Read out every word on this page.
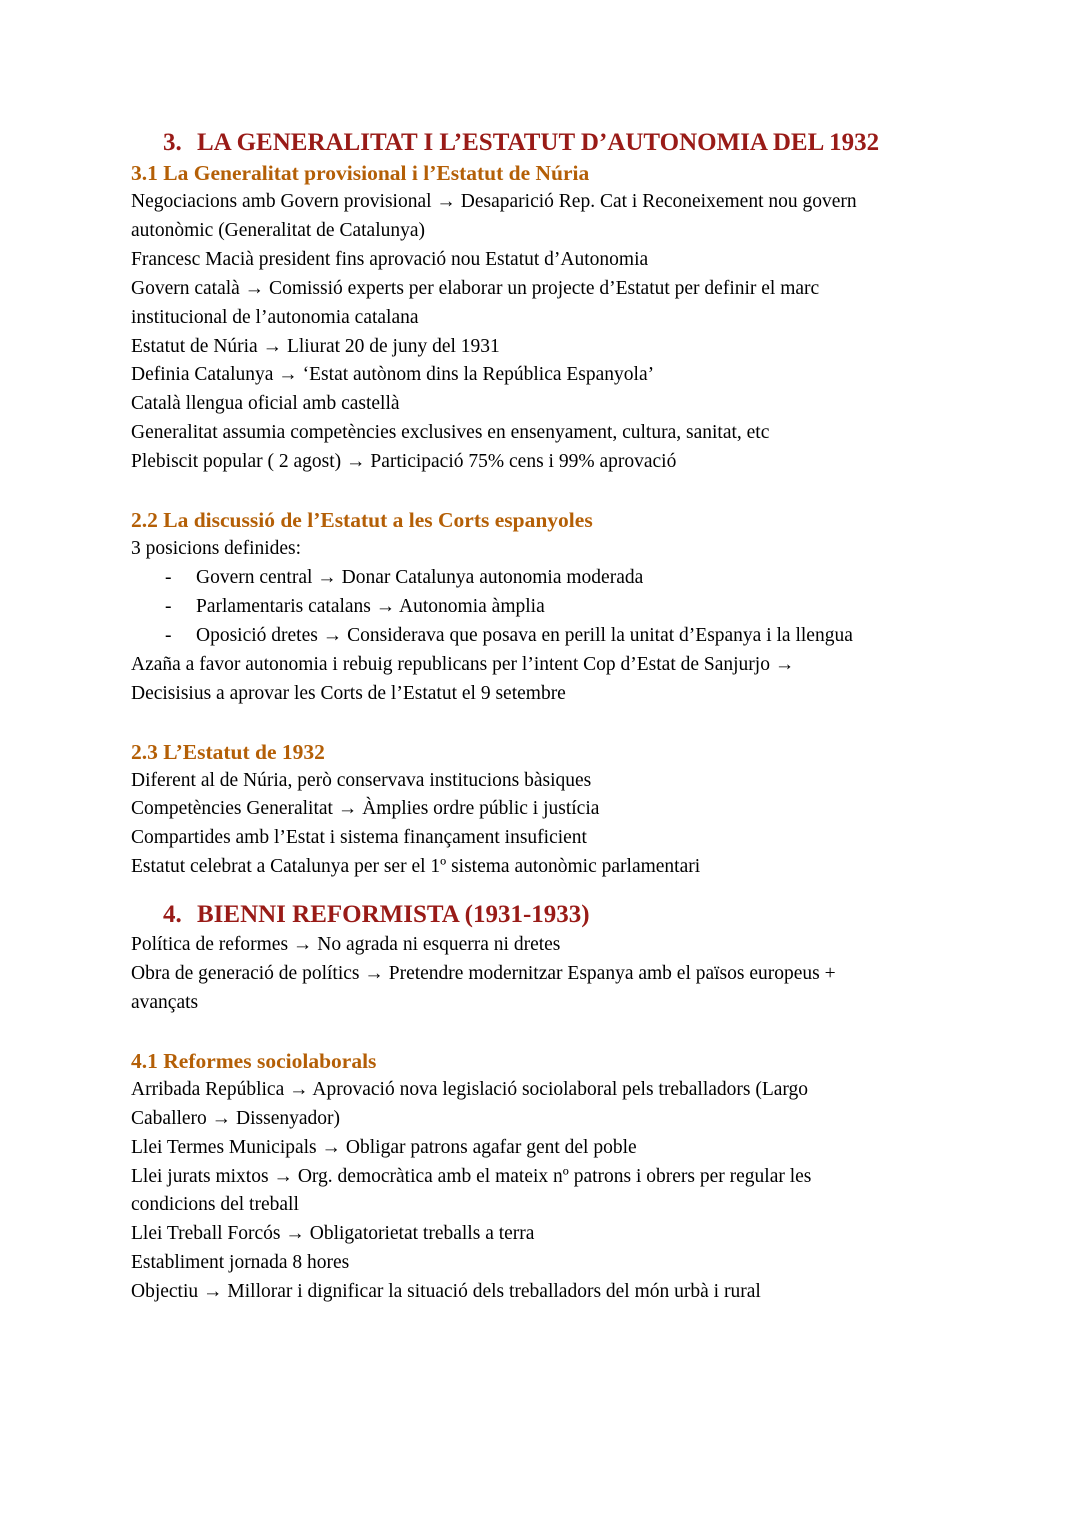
3. LA GENERALITAT I L’ESTATUT D’AUTONOMIA DEL 1932
3.1 La Generalitat provisional i l’Estatut de Núria

Negociacions amb Govern provisional → Desaparició Rep. Cat i Reconeixement nou govern

autonòmic (Generalitat de Catalunya)

Francesc Macià president fins aprovació nou Estatut d’Autonomia

Govern català → Comissió experts per elaborar un projecte d’Estatut per definir el marc

institucional de l’autonomia catalana

Estatut de Núria → Lliurat 20 de juny del 1931

Definia Catalunya → ‘Estat autònom dins la República Espanyola’

Català llengua oficial amb castellà

Generalitat assumia competències exclusives en ensenyament, cultura, sanitat, etc

Plebiscit popular ( 2 agost) → Participació 75% cens i 99% aprovació

2.2 La discussió de l’Estatut a les Corts espanyoles

3 posicions definides:

- Govern central → Donar Catalunya autonomia moderada

- Parlamentaris catalans → Autonomia àmplia

- Oposició dretes → Considerava que posava en perill la unitat d’Espanya i la llengua

Azaña a favor autonomia i rebuig republicans per l’intent Cop d’Estat de Sanjurjo →

Decisisius a aprovar les Corts de l’Estatut el 9 setembre

2.3 L’Estatut de 1932

Diferent al de Núria, però conservava institucions bàsiques

Competències Generalitat → Àmplies ordre públic i justícia

Compartides amb l’Estat i sistema finançament insuficient

Estatut celebrat a Catalunya per ser el 1º sistema autonòmic parlamentari

4. BIENNI REFORMISTA (1931-1933)

Política de reformes → No agrada ni esquerra ni dretes

Obra de generació de polítics → Pretendre modernitzar Espanya amb el països europeus +

avançats

4.1 Reformes sociolaborals

Arribada República → Aprovació nova legislació sociolaboral pels treballadors (Largo

Caballero → Dissenyador)

Llei Termes Municipals → Obligar patrons agafar gent del poble

Llei jurats mixtos → Org. democràtica amb el mateix nº patrons i obrers per regular les

condicions del treball

Llei Treball Forcós → Obligatorietat treballs a terra

Establiment jornada 8 hores

Objectiu → Millorar i dignificar la situació dels treballadors del món urbà i rural
